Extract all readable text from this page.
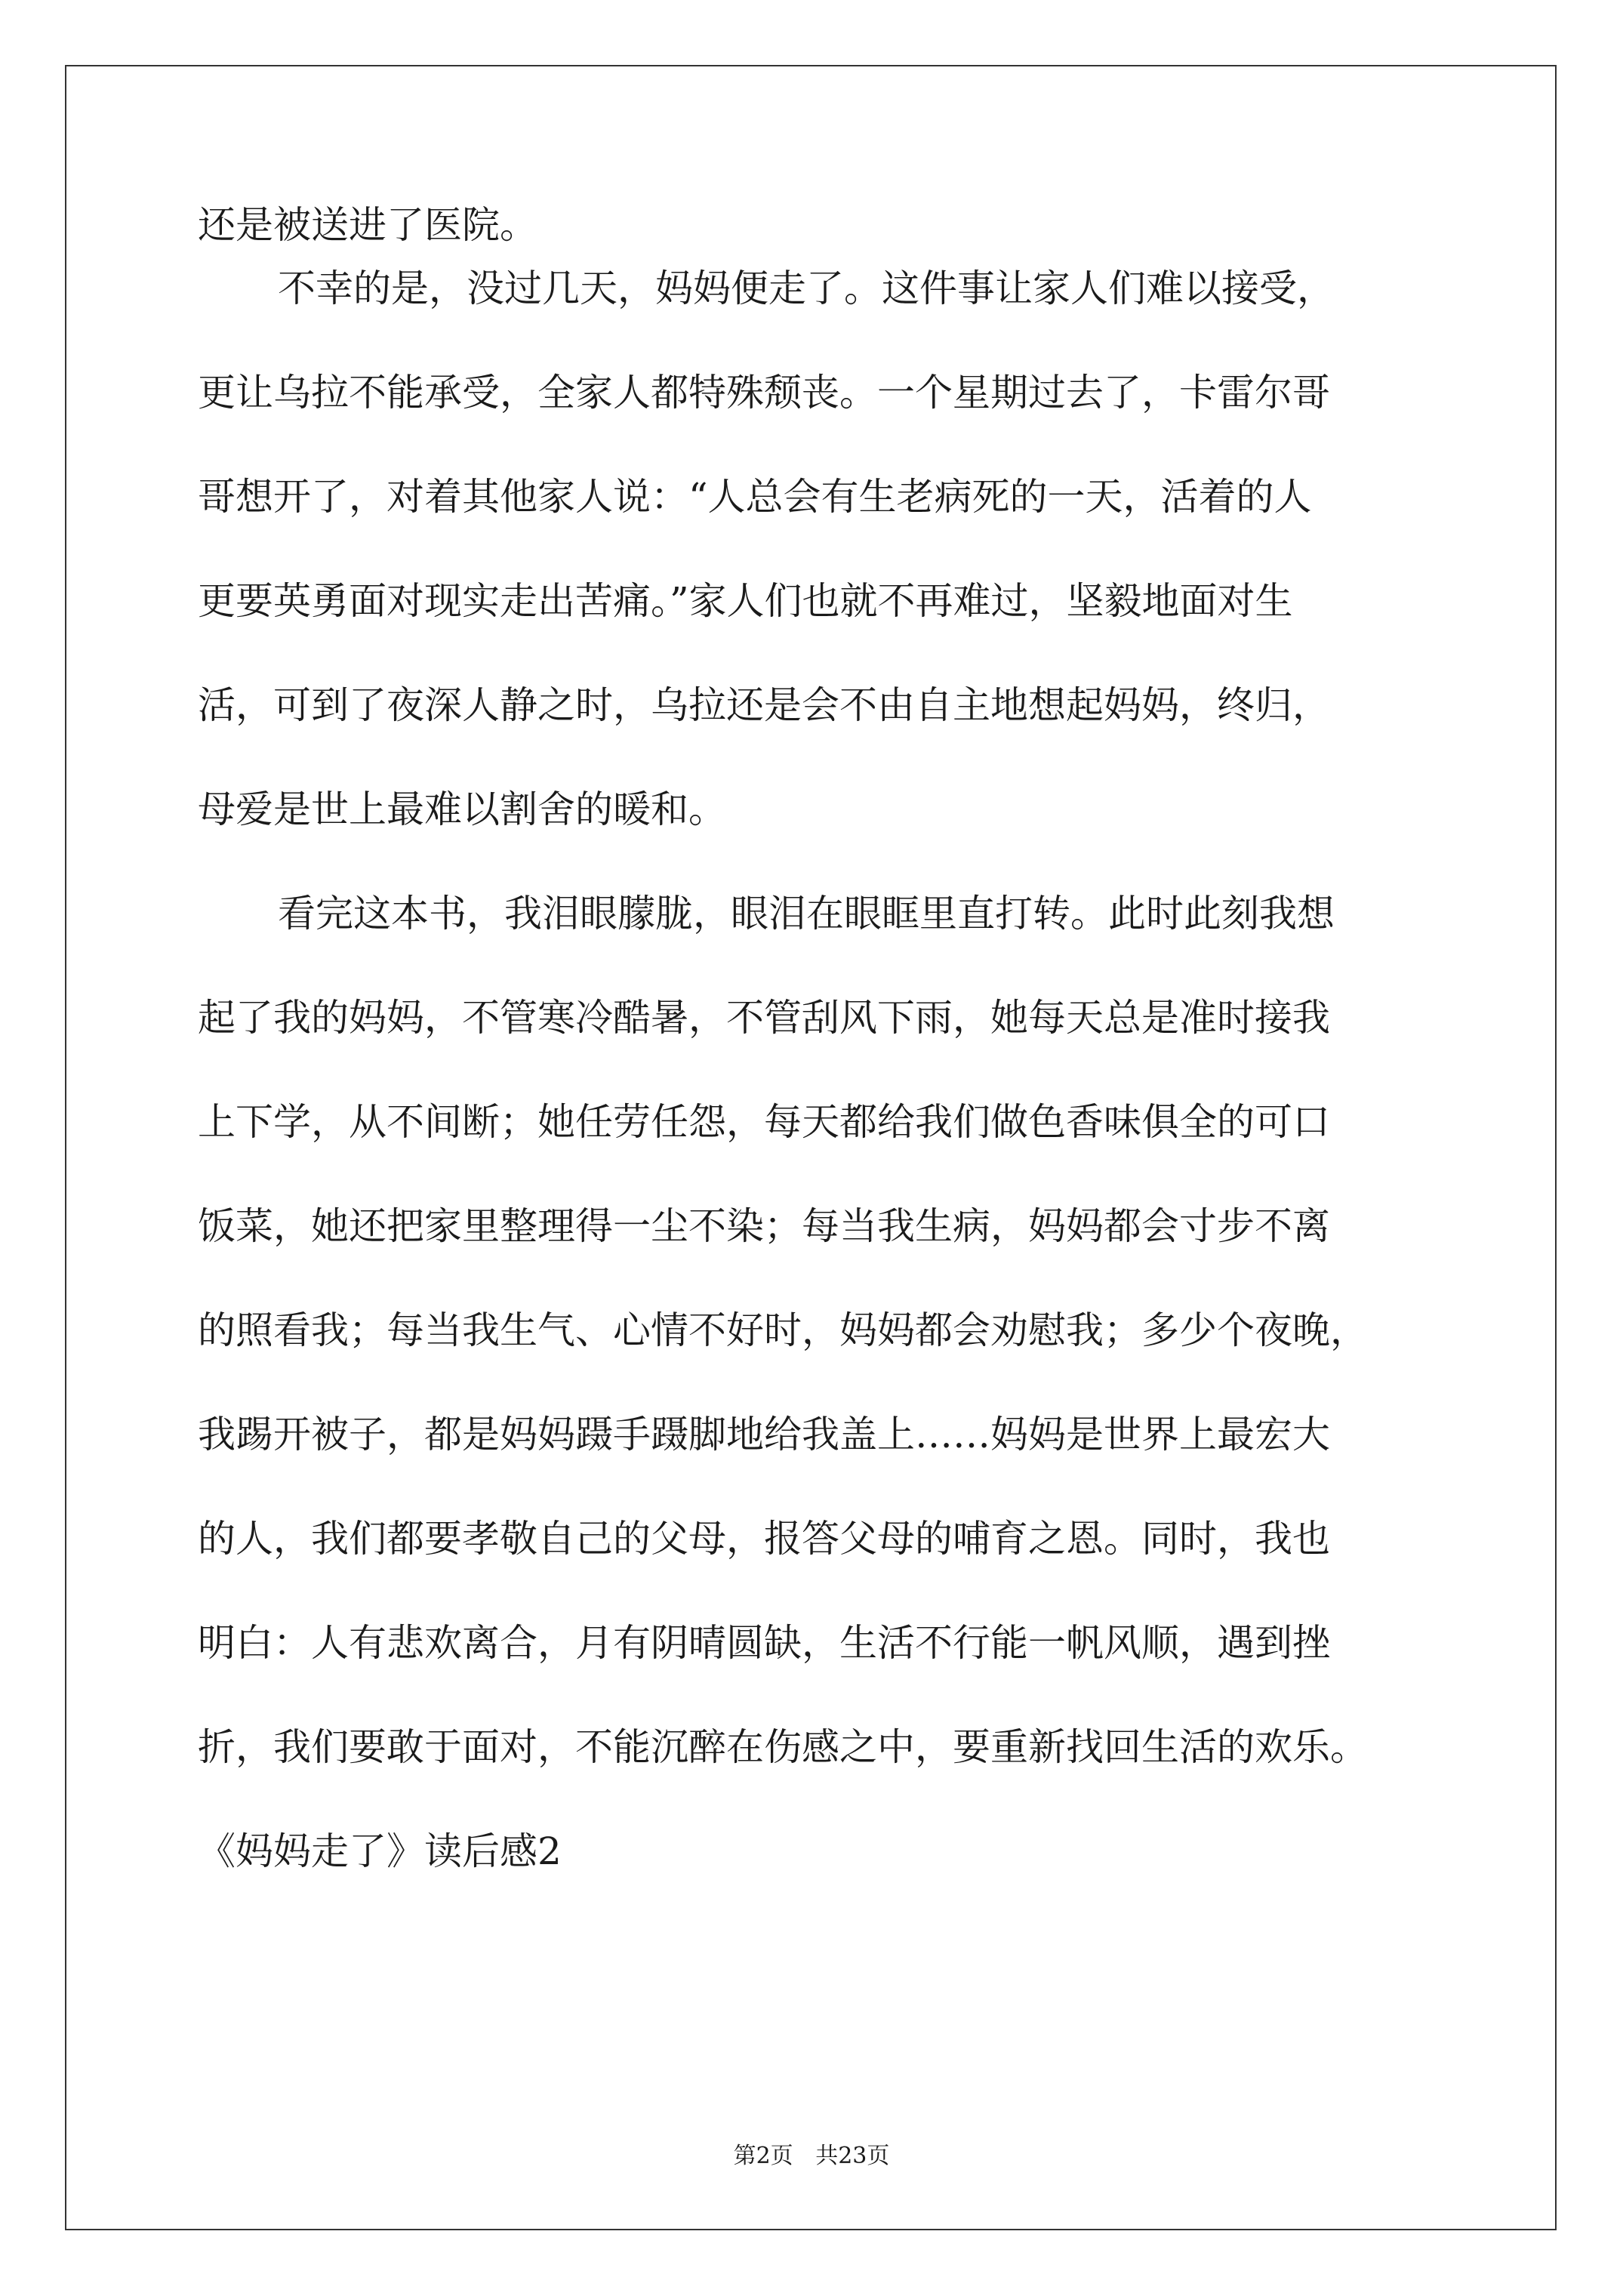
还是被送进了医院。
不幸的是，没过几天，妈妈便走了。这件事让家人们难以接受，
更让乌拉不能承受，全家人都特殊颓丧。一个星期过去了，卡雷尔哥
哥想开了，对着其他家人说：“人总会有生老病死的一天，活着的人
更要英勇面对现实走出苦痛。”家人们也就不再难过，坚毅地面对生
活，可到了夜深人静之时，乌拉还是会不由自主地想起妈妈，终归，
母爱是世上最难以割舍的暖和。
看完这本书，我泪眼朦胧，眼泪在眼眶里直打转。此时此刻我想
起了我的妈妈，不管寒冷酷暑，不管刮风下雨，她每天总是准时接我
上下学，从不间断；她任劳任怨，每天都给我们做色香味俱全的可口
饭菜，她还把家里整理得一尘不染；每当我生病，妈妈都会寸步不离
的照看我；每当我生气、心情不好时，妈妈都会劝慰我；多少个夜晚，
我踢开被子，都是妈妈蹑手蹑脚地给我盖上……妈妈是世界上最宏大
的人，我们都要孝敬自己的父母，报答父母的哺育之恩。同时，我也
明白：人有悲欢离合，月有阴晴圆缺，生活不行能一帆风顺，遇到挫
折，我们要敢于面对，不能沉醉在伤感之中，要重新找回生活的欢乐。
《妈妈走了》读后感2
第2页 共23页
